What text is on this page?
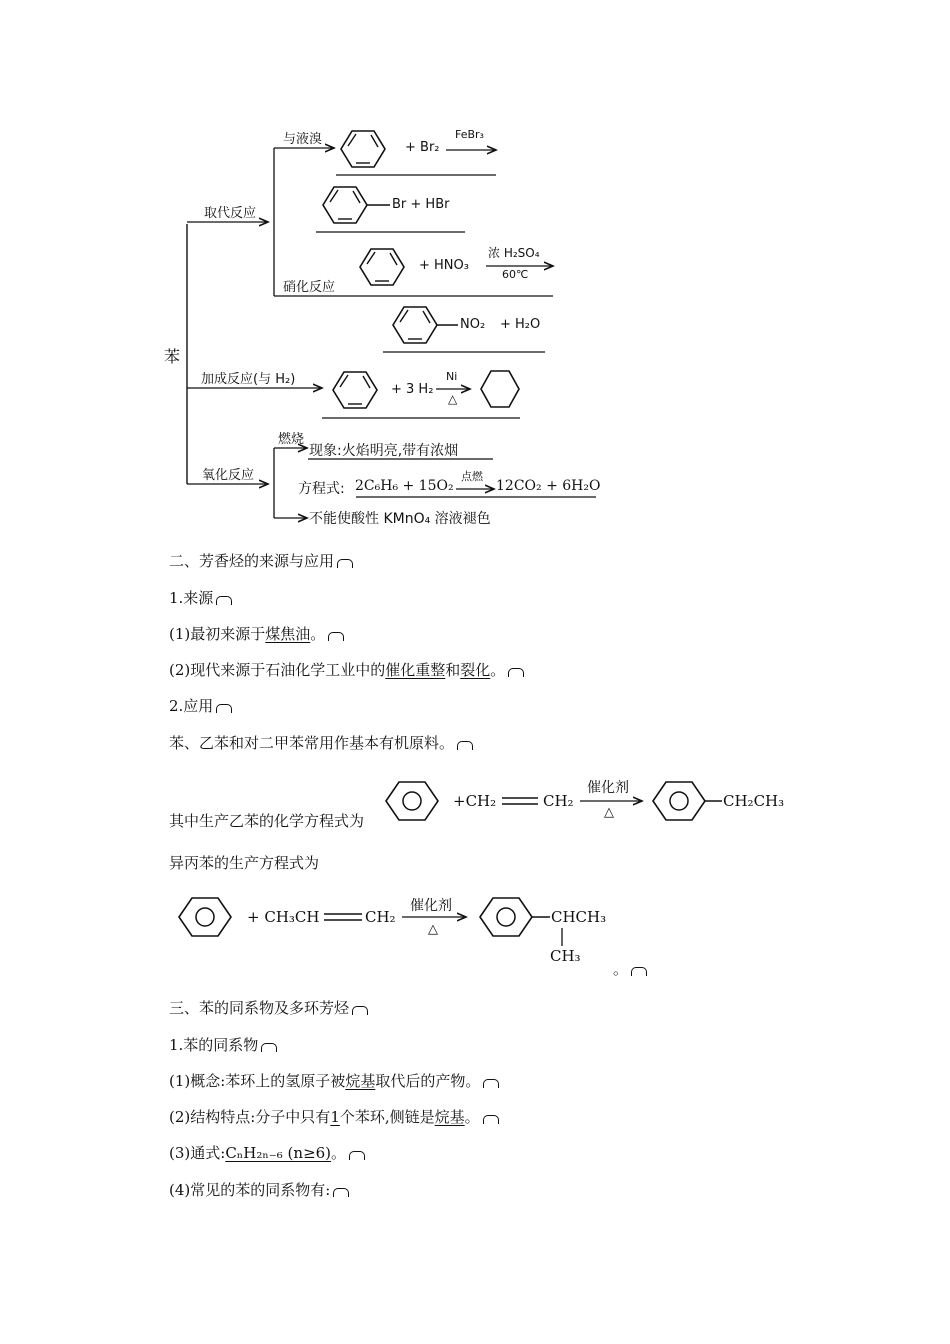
苯
取代反应
与液溴
硝化反应
+ Br₂
FeBr₃
Br + HBr
+ HNO₃
浓 H₂SO₄
60℃
NO₂ + H₂O
加成反应(与 H₂)
+ 3 H₂
Ni
△
氧化反应
燃烧
现象:火焰明亮,带有浓烟
方程式: 2C₆H₆ + 15O₂
点燃
12CO₂ + 6H₂O
不能使酸性 KMnO₄ 溶液褪色
二、芳香烃的来源与应用
1.来源
(1)最初来源于煤焦油。
(2)现代来源于石油化学工业中的催化重整和裂化。
2.应用
苯、乙苯和对二甲苯常用作基本有机原料。
其中生产乙苯的化学方程式为
+CH₂	CH₂
催化剂
△
CH₂CH₃
异丙苯的生产方程式为
+ CH₃CH	CH₂
催化剂
△
CHCH₃
CH₃
。
三、苯的同系物及多环芳烃
1.苯的同系物
(1)概念:苯环上的氢原子被烷基取代后的产物。
(2)结构特点:分子中只有1个苯环,侧链是烷基。
(3)通式:CₙH₂ₙ₋₆ (n≥6)。
(4)常见的苯的同系物有:
